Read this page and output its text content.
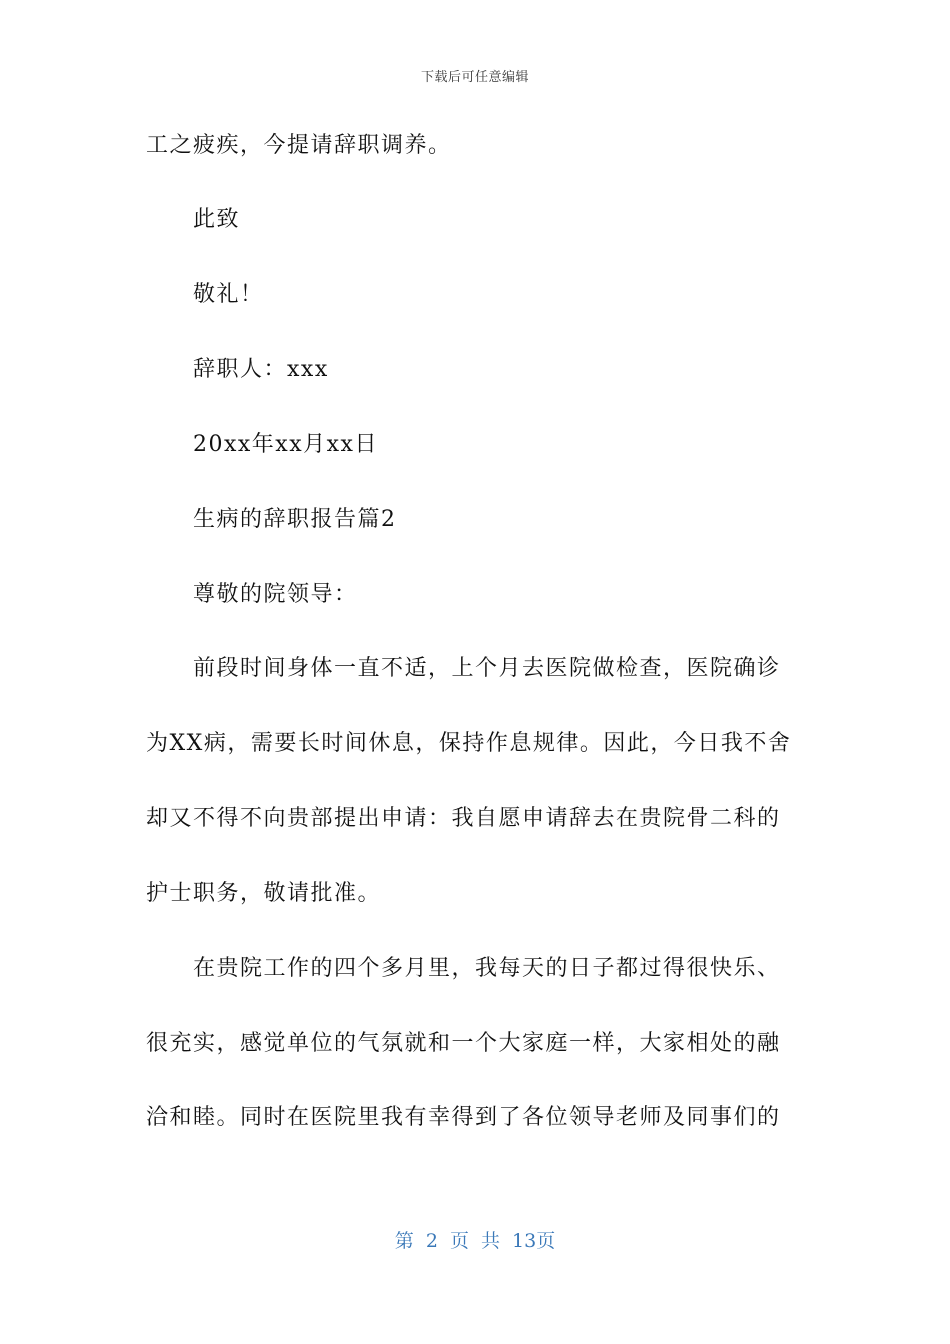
下载后可任意编辑
工之疲疾，今提请辞职调养。
此致
敬礼！
辞职人：xxx
20xx年xx月xx日
生病的辞职报告篇2
尊敬的院领导：
前段时间身体一直不适，上个月去医院做检查，医院确诊
为XX病，需要长时间休息，保持作息规律。因此，今日我不舍
却又不得不向贵部提出申请：我自愿申请辞去在贵院骨二科的
护士职务，敬请批准。
在贵院工作的四个多月里，我每天的日子都过得很快乐、
很充实，感觉单位的气氛就和一个大家庭一样，大家相处的融
洽和睦。同时在医院里我有幸得到了各位领导老师及同事们的
第 2 页 共 13页
